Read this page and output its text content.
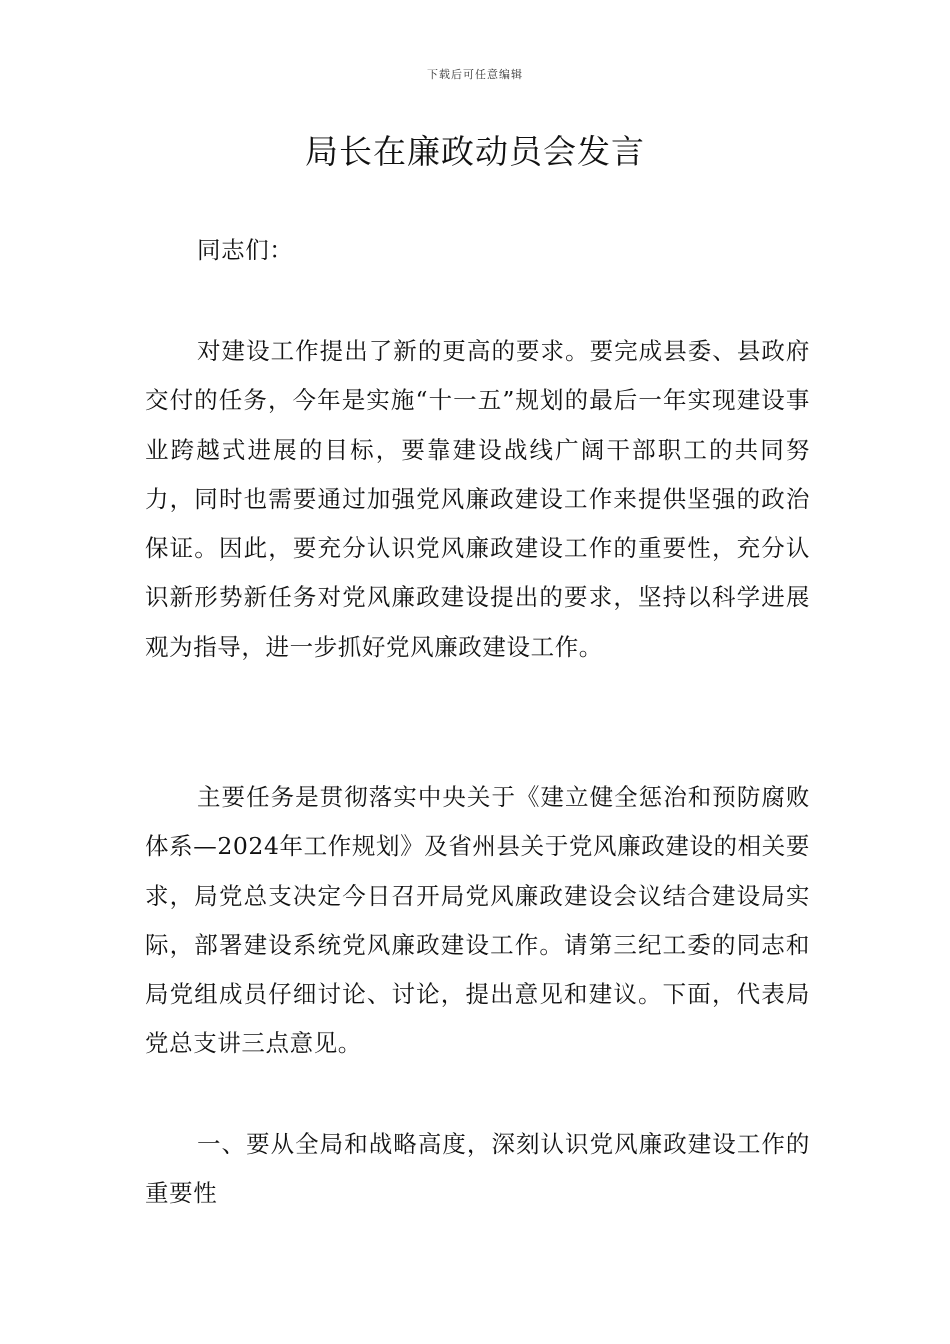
下载后可任意编辑
局长在廉政动员会发言

同志们：

对建设工作提出了新的更高的要求。要完成县委、县政府交付的任务，今年是实施“十一五”规划的最后一年实现建设事业跨越式进展的目标，要靠建设战线广阔干部职工的共同努力，同时也需要通过加强党风廉政建设工作来提供坚强的政治保证。因此，要充分认识党风廉政建设工作的重要性，充分认识新形势新任务对党风廉政建设提出的要求，坚持以科学进展观为指导，进一步抓好党风廉政建设工作。

主要任务是贯彻落实中央关于《建立健全惩治和预防腐败体系—2024年工作规划》及省州县关于党风廉政建设的相关要求，局党总支决定今日召开局党风廉政建设会议结合建设局实际，部署建设系统党风廉政建设工作。请第三纪工委的同志和局党组成员仔细讨论、讨论，提出意见和建议。下面，代表局党总支讲三点意见。

一、要从全局和战略高度，深刻认识党风廉政建设工作的重要性
